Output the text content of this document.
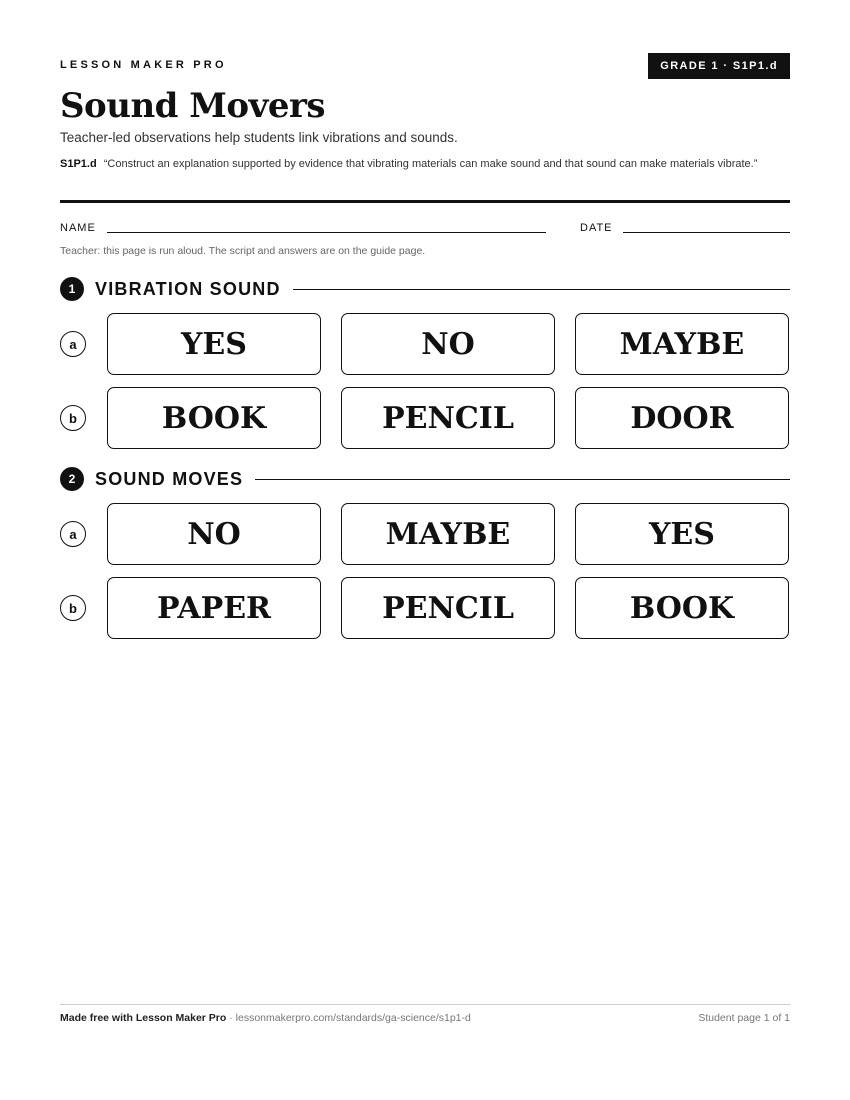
LESSON MAKER PRO	GRADE 1 · S1P1.d
Sound Movers

Teacher-led observations help students link vibrations and sounds.

S1P1.d “Construct an explanation supported by evidence that vibrating materials can make sound and that sound can make materials vibrate.”

NAME	DATE

Teacher: this page is run aloud. The script and answers are on the guide page.

1	VIBRATION SOUND
a	YES	NO	MAYBE
b	BOOK	PENCIL	DOOR
2	SOUND MOVES
a	NO	MAYBE	YES
b	PAPER	PENCIL	BOOK
Made free with Lesson Maker Pro · lessonmakerpro.com/standards/ga-science/s1p1-d	Student page 1 of 1
